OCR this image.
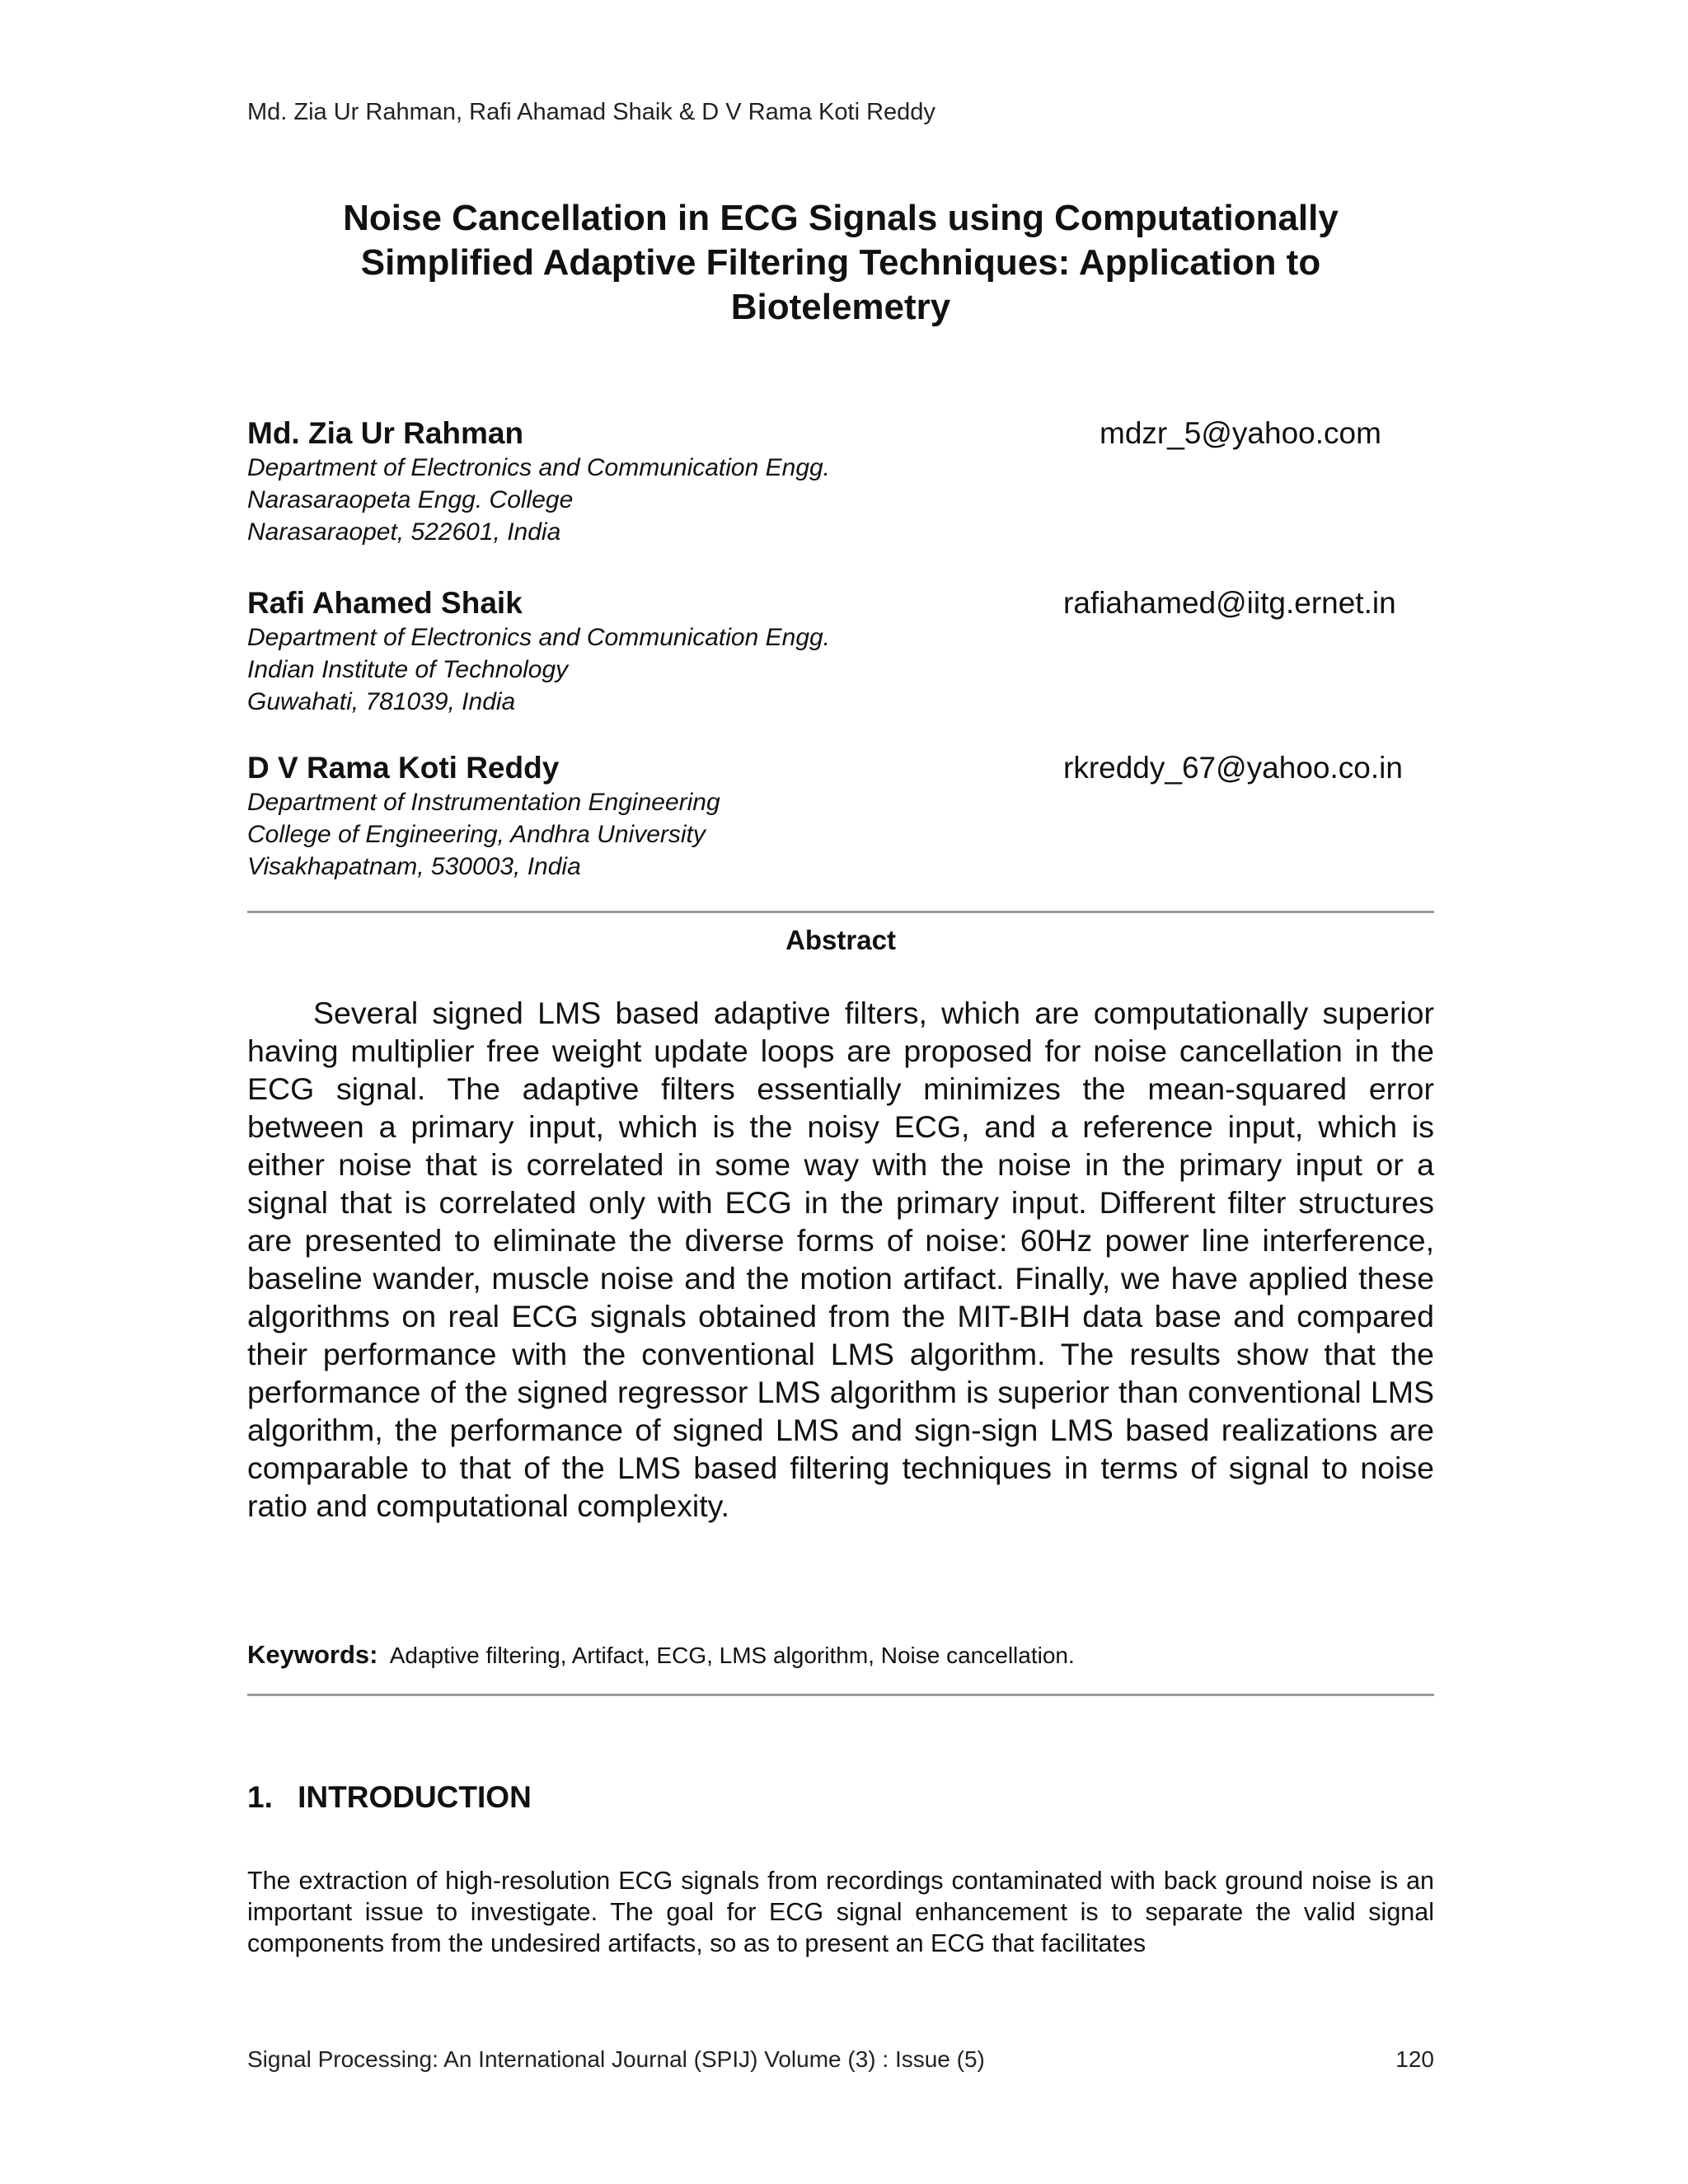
Md. Zia Ur Rahman, Rafi Ahamad Shaik & D V Rama Koti Reddy
Noise Cancellation in ECG Signals using Computationally
Simplified Adaptive Filtering Techniques: Application to
Biotelemetry
Md. Zia Ur Rahman	mdzr_5@yahoo.com
Department of Electronics and Communication Engg.
Narasaraopeta Engg. College
Narasaraopet, 522601, India
Rafi Ahamed Shaik	rafiahamed@iitg.ernet.in
Department of Electronics and Communication Engg.
Indian Institute of Technology
Guwahati, 781039, India
D V Rama Koti Reddy	rkreddy_67@yahoo.co.in
Department of Instrumentation Engineering
College of Engineering, Andhra University
Visakhapatnam, 530003, India
Abstract
Several signed LMS based adaptive filters, which are computationally superior having multiplier free weight update loops are proposed for noise cancellation in the ECG signal. The adaptive filters essentially minimizes the mean-squared error between a primary input, which is the noisy ECG, and a reference input, which is either noise that is correlated in some way with the noise in the primary input or a signal that is correlated only with ECG in the primary input. Different filter structures are presented to eliminate the diverse forms of noise: 60Hz power line interference, baseline wander, muscle noise and the motion artifact. Finally, we have applied these algorithms on real ECG signals obtained from the MIT-BIH data base and compared their performance with the conventional LMS algorithm. The results show that the performance of the signed regressor LMS algorithm is superior than conventional LMS algorithm, the performance of signed LMS and sign-sign LMS based realizations are comparable to that of the LMS based filtering techniques in terms of signal to noise ratio and computational complexity.
Keywords: Adaptive filtering, Artifact, ECG, LMS algorithm, Noise cancellation.
1. INTRODUCTION
The extraction of high-resolution ECG signals from recordings contaminated with back ground noise is an important issue to investigate. The goal for ECG signal enhancement is to separate the valid signal components from the undesired artifacts, so as to present an ECG that facilitates
Signal Processing: An International Journal (SPIJ) Volume (3) : Issue (5)	120
